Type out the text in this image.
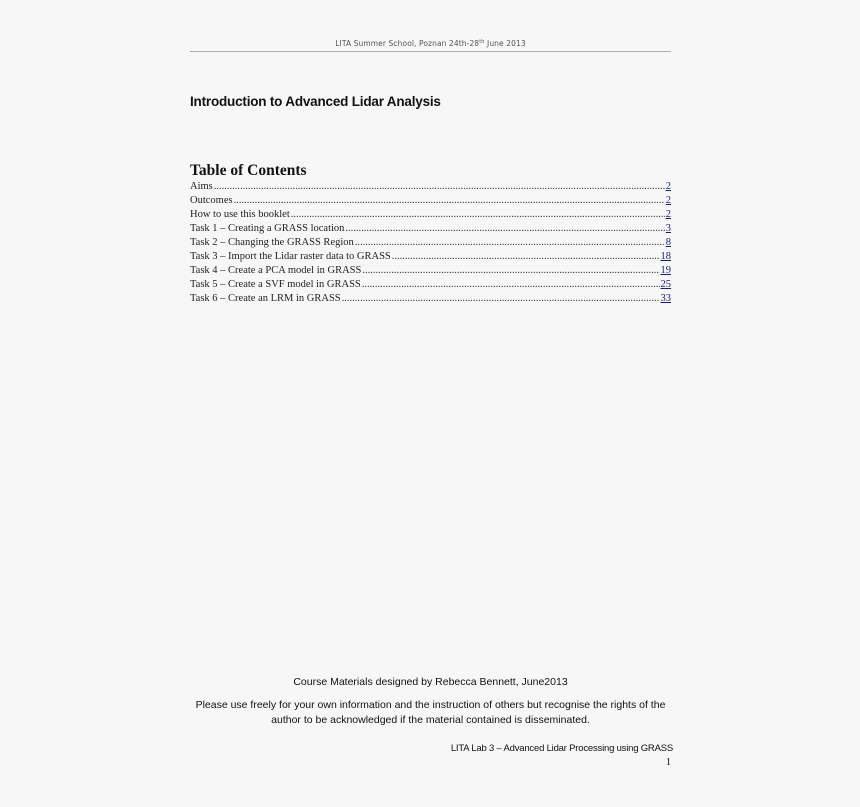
LITA Summer School, Poznan 24th-28th June 2013
Introduction to Advanced Lidar Analysis
Table of Contents
Aims .....	2
Outcomes .....	2
How to use this booklet .....	2
Task 1 – Creating a GRASS location .....	3
Task 2 – Changing the GRASS Region .....	8
Task 3 – Import the Lidar raster data to GRASS .....	18
Task 4 – Create a PCA model in GRASS .....	19
Task 5 – Create a SVF model in GRASS .....	25
Task 6 – Create an LRM in GRASS .....	33
Course Materials designed by Rebecca Bennett, June2013
Please use freely for your own information and the instruction of others but recognise the rights of the author to be acknowledged if the material contained is disseminated.
LITA Lab 3 – Advanced Lidar Processing using GRASS
1
